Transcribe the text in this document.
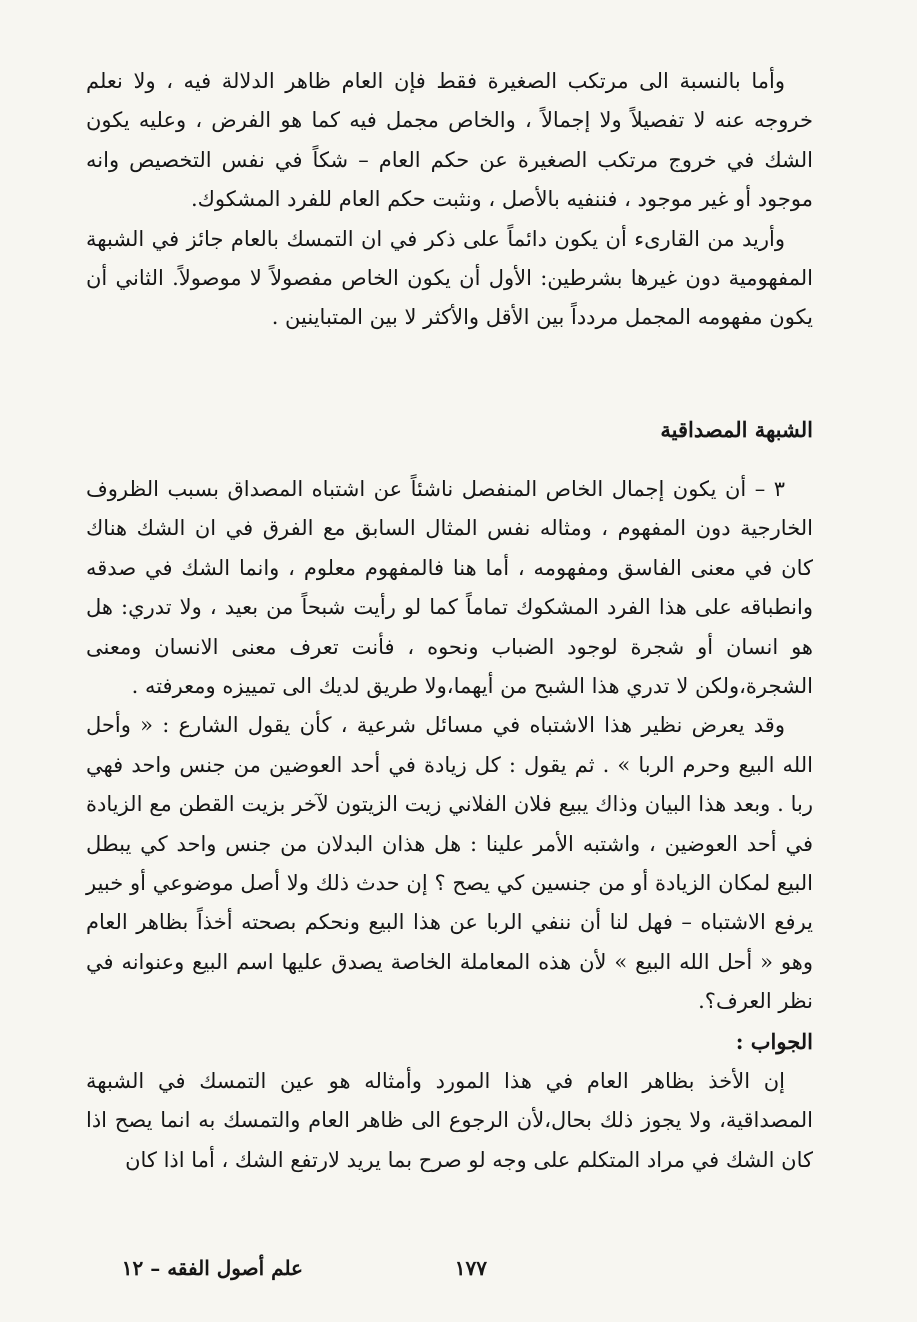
وأما بالنسبة الى مرتكب الصغيرة فقط فإن العام ظاهر الدلالة فيه ، ولا نعلم خروجه عنه لا تفصيلاً ولا إجمالاً ، والخاص مجمل فيه كما هو الفرض ، وعليه يكون الشك في خروج مرتكب الصغيرة عن حكم العام – شكاً في نفس التخصيص وانه موجود أو غير موجود ، فننفيه بالأصل ، ونثبت حكم العام للفرد المشكوك.

وأريد من القارىء أن يكون دائماً على ذكر في ان التمسك بالعام جائز في الشبهة المفهومية دون غيرها بشرطين: الأول أن يكون الخاص مفصولاً لا موصولاً. الثاني أن يكون مفهومه المجمل مردداً بين الأقل والأكثر لا بين المتباينين .

الشبهة المصداقية

٣ – أن يكون إجمال الخاص المنفصل ناشئاً عن اشتباه المصداق بسبب الظروف الخارجية دون المفهوم ، ومثاله نفس المثال السابق مع الفرق في ان الشك هناك كان في معنى الفاسق ومفهومه ، أما هنا فالمفهوم معلوم ، وانما الشك في صدقه وانطباقه على هذا الفرد المشكوك تماماً كما لو رأيت شبحاً من بعيد ، ولا تدري: هل هو انسان أو شجرة لوجود الضباب ونحوه ، فأنت تعرف معنى الانسان ومعنى الشجرة،ولكن لا تدري هذا الشبح من أيهما،ولا طريق لديك الى تمييزه ومعرفته .

وقد يعرض نظير هذا الاشتباه في مسائل شرعية ، كأن يقول الشارع : « وأحل الله البيع وحرم الربا » . ثم يقول : كل زيادة في أحد العوضين من جنس واحد فهي ربا . وبعد هذا البيان وذاك يبيع فلان الفلاني زيت الزيتون لآخر بزيت القطن مع الزيادة في أحد العوضين ، واشتبه الأمر علينا : هل هذان البدلان من جنس واحد كي يبطل البيع لمكان الزيادة أو من جنسين كي يصح ؟ إن حدث ذلك ولا أصل موضوعي أو خبير يرفع الاشتباه – فهل لنا أن ننفي الربا عن هذا البيع ونحكم بصحته أخذاً بظاهر العام وهو « أحل الله البيع » لأن هذه المعاملة الخاصة يصدق عليها اسم البيع وعنوانه في نظر العرف؟.

الجواب :

إن الأخذ بظاهر العام في هذا المورد وأمثاله هو عين التمسك في الشبهة المصداقية، ولا يجوز ذلك بحال،لأن الرجوع الى ظاهر العام والتمسك به انما يصح اذا كان الشك في مراد المتكلم على وجه لو صرح بما يريد لارتفع الشك ، أما اذا كان

١٧٧
علم أصول الفقه – ١٢
